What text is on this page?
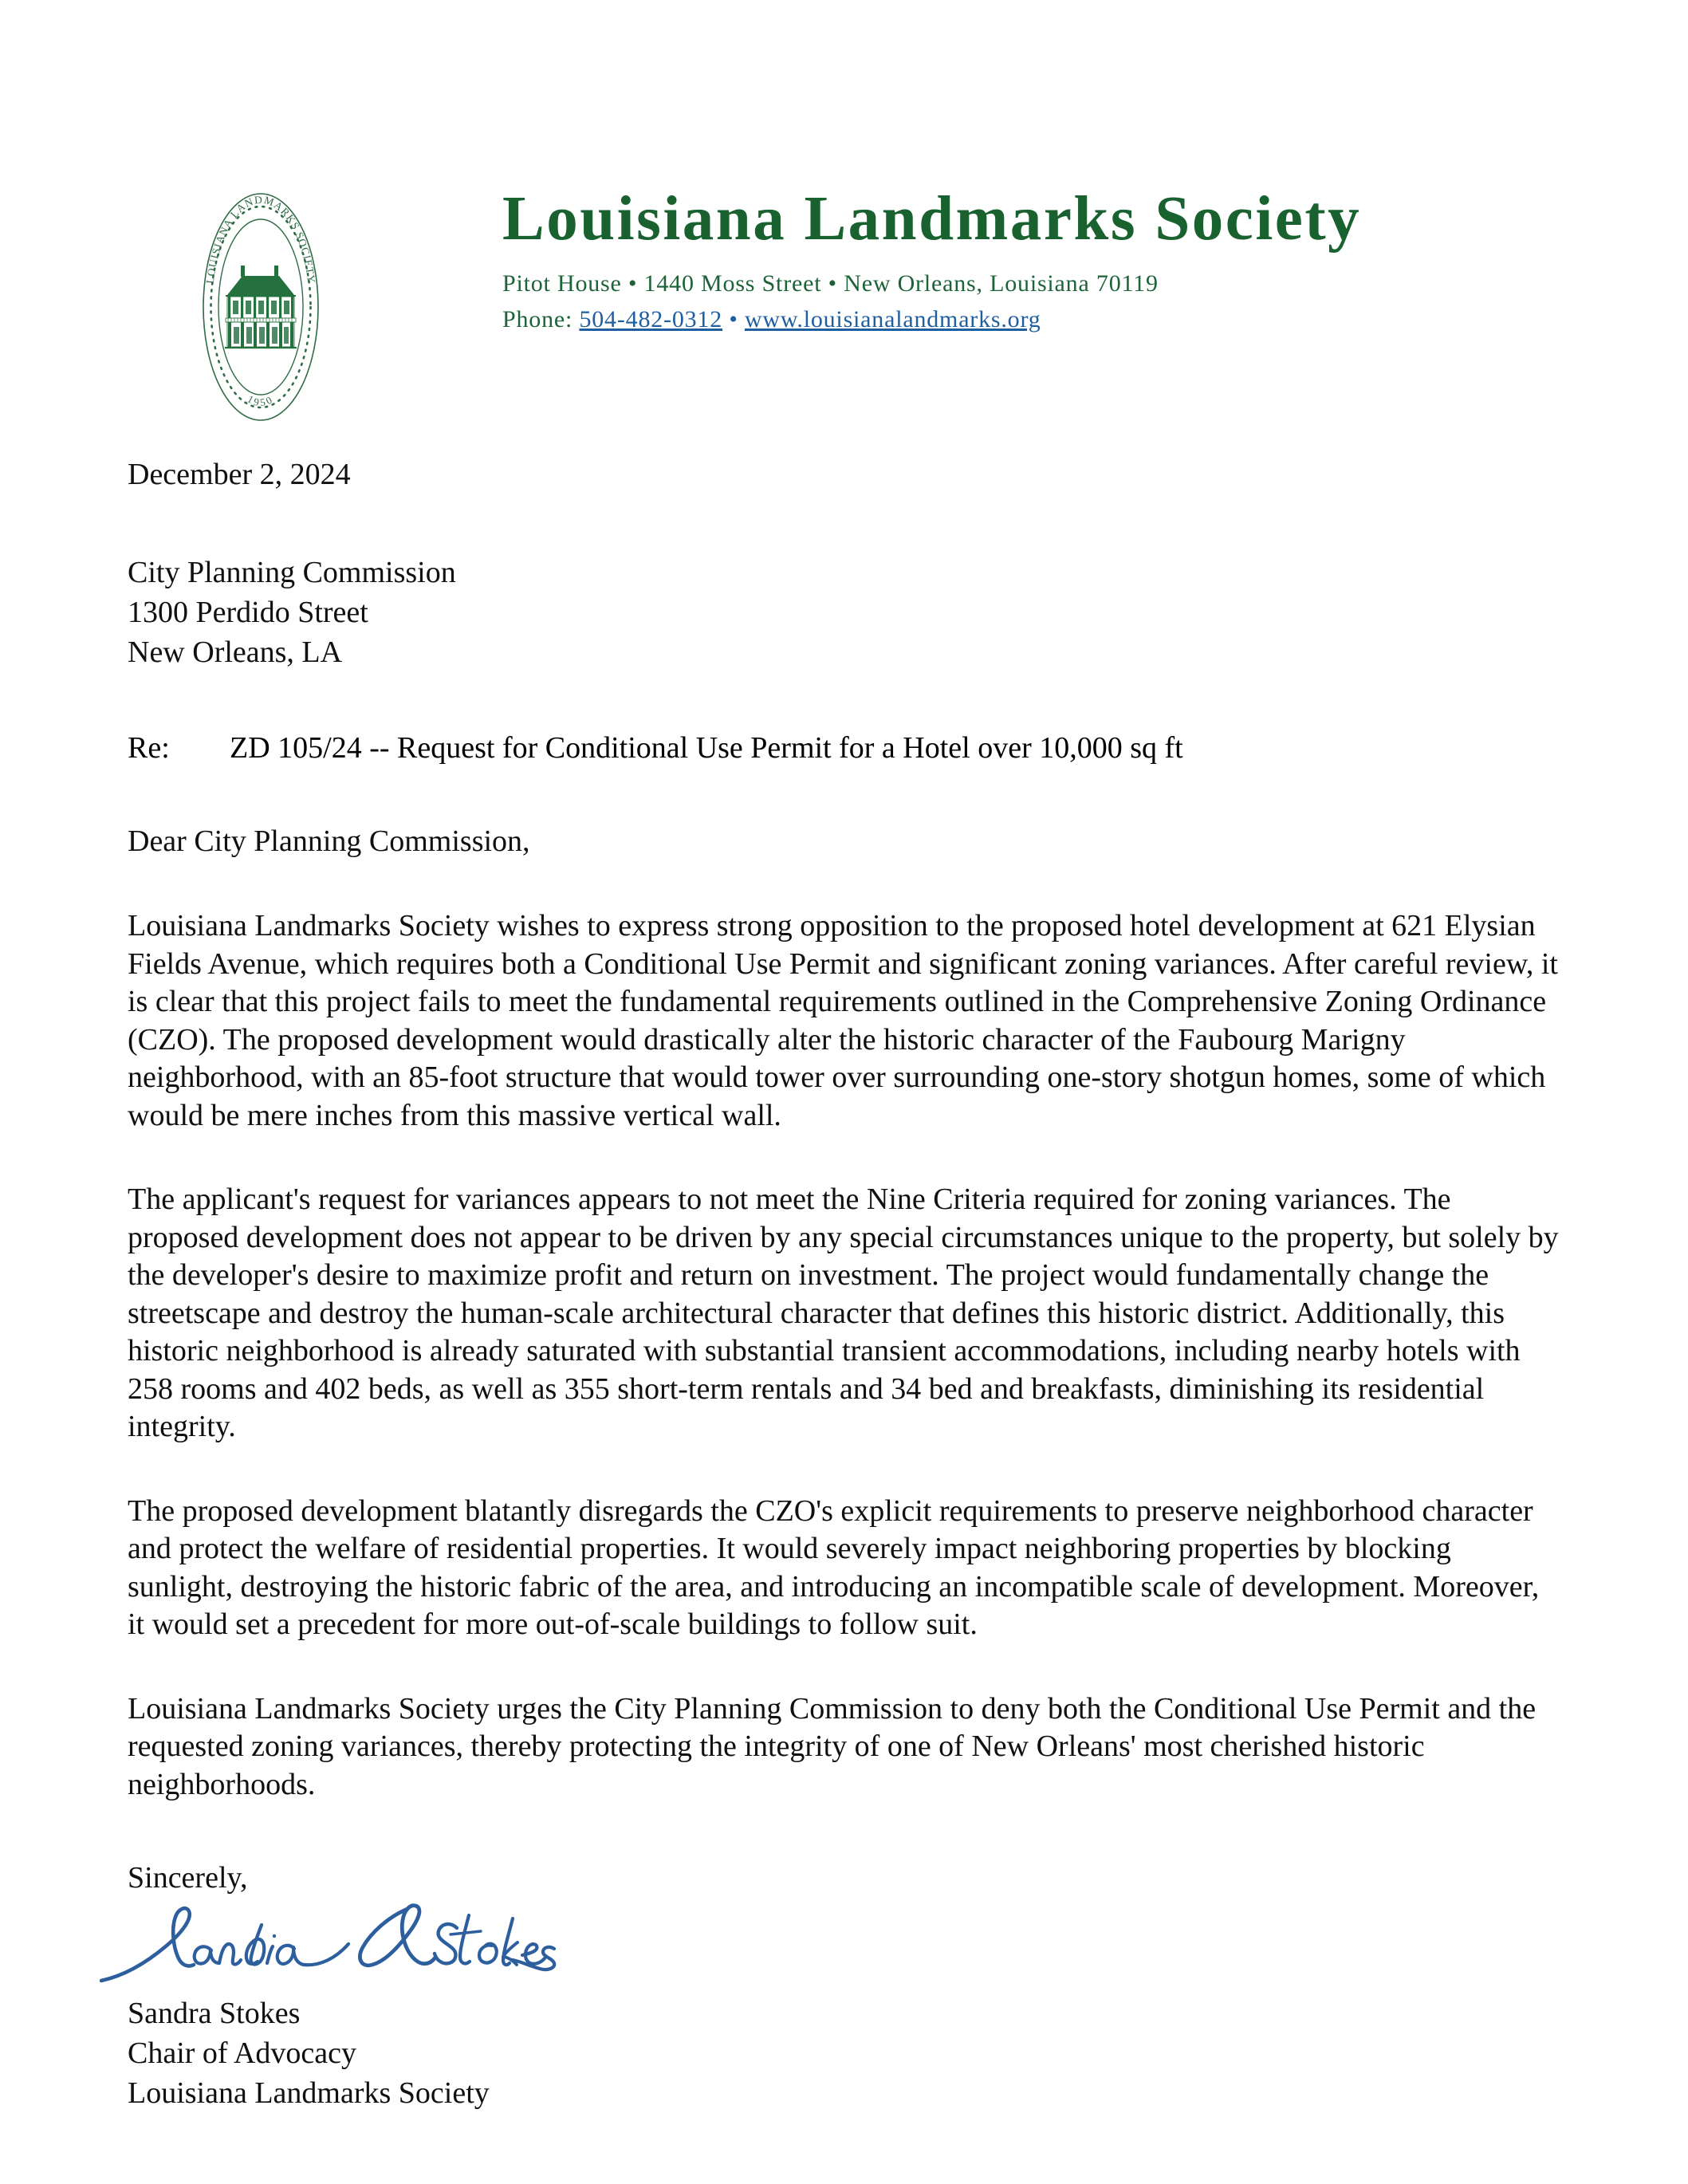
LOUISIANA LANDMARKS SOCIETY
1950
Louisiana Landmarks Society
Pitot House • 1440 Moss Street • New Orleans, Louisiana 70119
Phone: 504-482-0312 • www.louisianalandmarks.org
December 2, 2024
City Planning Commission
1300 Perdido Street
New Orleans, LA
Re: ZD 105/24 -- Request for Conditional Use Permit for a Hotel over 10,000 sq ft
Dear City Planning Commission,

Louisiana Landmarks Society wishes to express strong opposition to the proposed hotel development at 621 Elysian Fields Avenue, which requires both a Conditional Use Permit and significant zoning variances. After careful review, it is clear that this project fails to meet the fundamental requirements outlined in the Comprehensive Zoning Ordinance (CZO). The proposed development would drastically alter the historic character of the Faubourg Marigny neighborhood, with an 85-foot structure that would tower over surrounding one-story shotgun homes, some of which would be mere inches from this massive vertical wall.

The applicant's request for variances appears to not meet the Nine Criteria required for zoning variances. The proposed development does not appear to be driven by any special circumstances unique to the property, but solely by the developer's desire to maximize profit and return on investment. The project would fundamentally change the streetscape and destroy the human-scale architectural character that defines this historic district. Additionally, this historic neighborhood is already saturated with substantial transient accommodations, including nearby hotels with 258 rooms and 402 beds, as well as 355 short-term rentals and 34 bed and breakfasts, diminishing its residential integrity.

The proposed development blatantly disregards the CZO's explicit requirements to preserve neighborhood character and protect the welfare of residential properties. It would severely impact neighboring properties by blocking sunlight, destroying the historic fabric of the area, and introducing an incompatible scale of development. Moreover, it would set a precedent for more out-of-scale buildings to follow suit.

Louisiana Landmarks Society urges the City Planning Commission to deny both the Conditional Use Permit and the requested zoning variances, thereby protecting the integrity of one of New Orleans' most cherished historic neighborhoods.

Sincerely,
Sandra Stokes
Chair of Advocacy
Louisiana Landmarks Society
